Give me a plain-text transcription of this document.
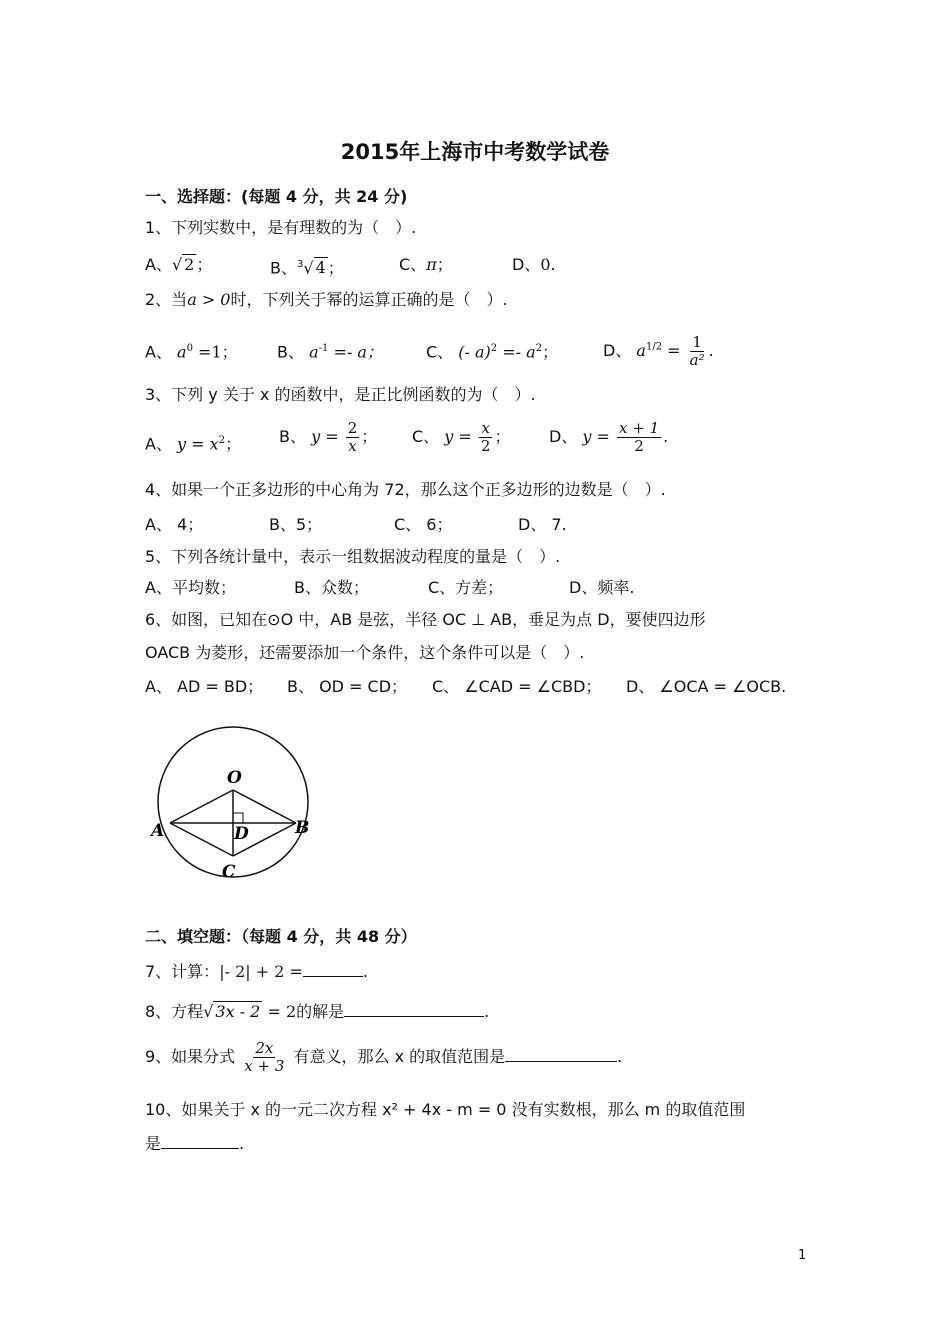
2015年上海市中考数学试卷
一、选择题：(每题 4 分，共 24 分)
1、下列实数中，是有理数的为（　）.
A、√ 2 ；	B、$^3$√ 4 ；	C、π；	D、0.
2、当a > 0时，下列关于幂的运算正确的是（　）.
A、 $a^0 =1$； B、 $a^{-1} =- a$；	C、 (- $a)^2 =- a^2$；	D、 $a^{1/2} = \frac{1}{\text{a²}}$ .
3、下列 y 关于 x 的函数中，是正比例函数的为（　）.
A、 $y = x^2$； B、 $y = \frac{2}{x}$ ； C、 $y = \frac{x}{2}$ ； D、 $y = \frac{x + 1}{2}$ .
4、如果一个正多边形的中心角为 72，那么这个正多边形的边数是（　）.
A、 4；	B、5；	C、 6；	D、 7.
5、下列各统计量中，表示一组数据波动程度的量是（　）.
A、平均数；	B、众数；	C、方差；	D、频率.
6、如图，已知在⊙O 中，AB 是弦，半径 OC ⊥ AB，垂足为点 D，要使四边形
OACB 为菱形，还需要添加一个条件，这个条件可以是（　）.
A、 AD = BD； B、 OD = CD； C、 ∠CAD = ∠CBD； D、 ∠OCA = ∠OCB.
O
A	B
D
C
二、填空题：（每题 4 分，共 48 分）
7、计算：|- 2| + 2 =	.
8、方程√ 3x - 2 = 2的解是	.
9、如果分式 $\frac{2x}{x + 3}$ 有意义，那么 x 的取值范围是	.
10、如果关于 x 的一元二次方程 x² + 4x - m = 0 没有实数根，那么 m 的取值范围
是	.
1
